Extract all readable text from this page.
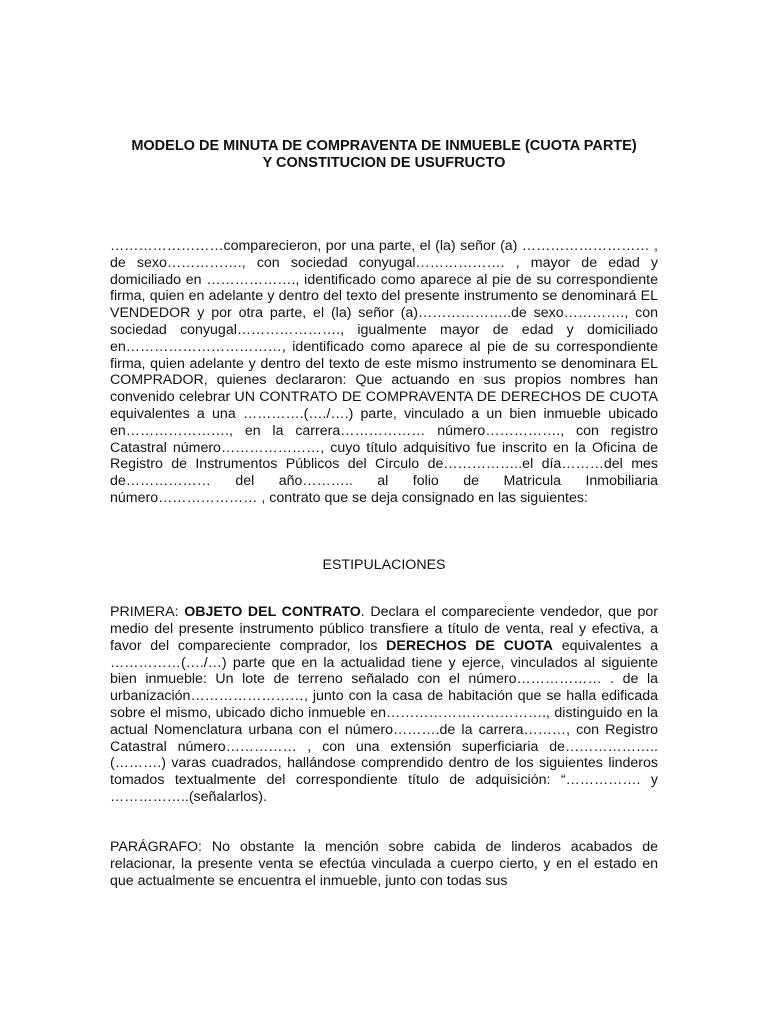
MODELO DE MINUTA DE COMPRAVENTA DE INMUEBLE (CUOTA PARTE)
Y CONSTITUCION DE USUFRUCTO

……………………comparecieron, por una parte, el (la) señor (a) ……………………… , de sexo……………., con sociedad conyugal………………. , mayor de edad y domiciliado en ………………., identificado como aparece al pie de su correspondiente firma, quien en adelante y dentro del texto del presente instrumento se denominará EL VENDEDOR y por otra parte, el (la) señor (a)………………..de sexo…………., con sociedad conyugal…………………., igualmente mayor de edad y domiciliado en……………………………, identificado como aparece al pie de su correspondiente firma, quien adelante y dentro del texto de este mismo instrumento se denominara EL COMPRADOR, quienes declararon: Que actuando en sus propios nombres han convenido celebrar UN CONTRATO DE COMPRAVENTA DE DERECHOS DE CUOTA equivalentes a una ………….(…./….) parte, vinculado a un bien inmueble ubicado en…………………., en la carrera……………… número……………., con registro Catastral número…………………, cuyo título adquisitivo fue inscrito en la Oficina de Registro de Instrumentos Públicos del Circulo de……………..el día………del mes de……………… del año……….. al folio de Matricula Inmobiliaria número………………… , contrato que se deja consignado en las siguientes:

ESTIPULACIONES

PRIMERA: OBJETO DEL CONTRATO. Declara el compareciente vendedor, que por medio del presente instrumento público transfiere a título de venta, real y efectiva, a favor del compareciente comprador, los DERECHOS DE CUOTA equivalentes a ……………(…./…) parte que en la actualidad tiene y ejerce, vinculados al siguiente bien inmueble: Un lote de terreno señalado con el número……………… . de la urbanización……………………, junto con la casa de habitación que se halla edificada sobre el mismo, ubicado dicho inmueble en……………………………., distinguido en la actual Nomenclatura urbana con el número……….de la carrera………, con Registro Catastral número…………… , con una extensión superficiaria de………………..(……….) varas cuadrados, hallándose comprendido dentro de los siguientes linderos tomados textualmente del correspondiente título de adquisición: “……………. y ……………..(señalarlos).

PARÁGRAFO: No obstante la mención sobre cabida de linderos acabados de relacionar, la presente venta se efectúa vinculada a cuerpo cierto, y en el estado en que actualmente se encuentra el inmueble, junto con todas sus
